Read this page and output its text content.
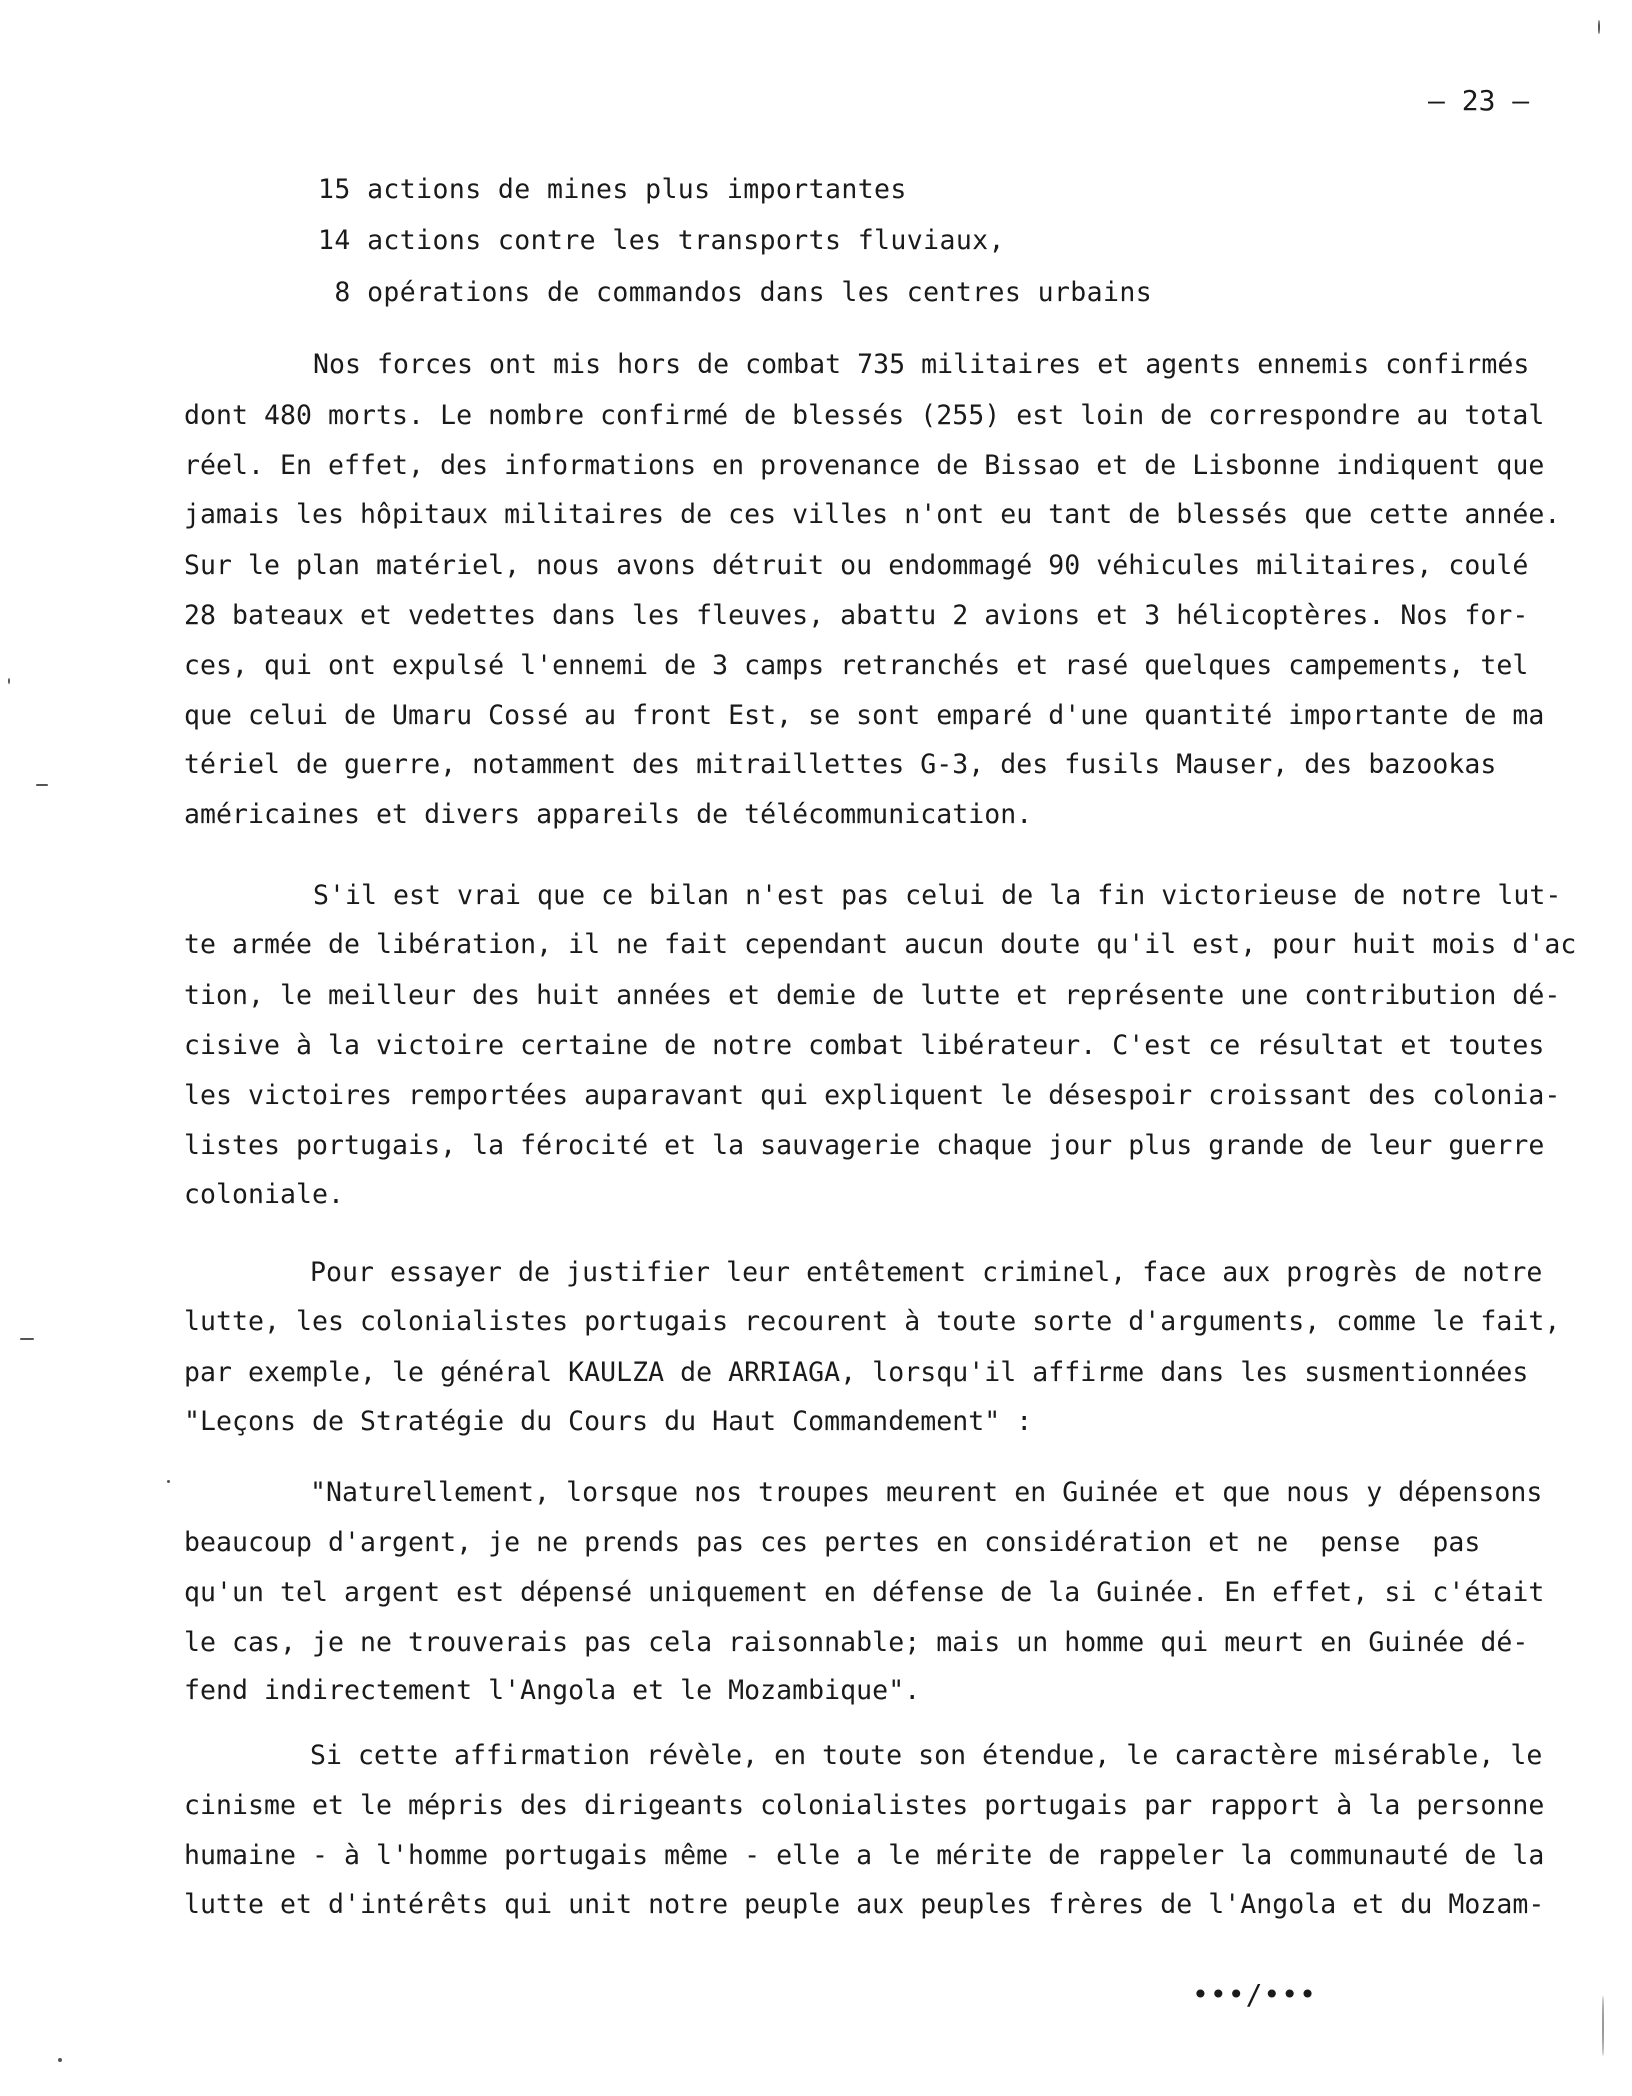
– 23 –
15 actions de mines plus importantes
14 actions contre les transports fluviaux,
8 opérations de commandos dans les centres urbains
Nos forces ont mis hors de combat 735 militaires et agents ennemis confirmés
dont 480 morts. Le nombre confirmé de blessés (255) est loin de correspondre au total
réel. En effet, des informations en provenance de Bissao et de Lisbonne indiquent que
jamais les hôpitaux militaires de ces villes n'ont eu tant de blessés que cette année.
Sur le plan matériel, nous avons détruit ou endommagé 90 véhicules militaires, coulé
28 bateaux et vedettes dans les fleuves, abattu 2 avions et 3 hélicoptères. Nos for-
ces, qui ont expulsé l'ennemi de 3 camps retranchés et rasé quelques campements, tel
que celui de Umaru Cossé au front Est, se sont emparé d'une quantité importante de ma
tériel de guerre, notamment des mitraillettes G-3, des fusils Mauser, des bazookas
américaines et divers appareils de télécommunication.
S'il est vrai que ce bilan n'est pas celui de la fin victorieuse de notre lut-
te armée de libération, il ne fait cependant aucun doute qu'il est, pour huit mois d'ac
tion, le meilleur des huit années et demie de lutte et représente une contribution dé-
cisive à la victoire certaine de notre combat libérateur. C'est ce résultat et toutes
les victoires remportées auparavant qui expliquent le désespoir croissant des colonia-
listes portugais, la férocité et la sauvagerie chaque jour plus grande de leur guerre
coloniale.
Pour essayer de justifier leur entêtement criminel, face aux progrès de notre
lutte, les colonialistes portugais recourent à toute sorte d'arguments, comme le fait,
par exemple, le général KAULZA de ARRIAGA, lorsqu'il affirme dans les susmentionnées
"Leçons de Stratégie du Cours du Haut Commandement" :
"Naturellement, lorsque nos troupes meurent en Guinée et que nous y dépensons
beaucoup d'argent, je ne prends pas ces pertes en considération et ne  pense  pas
qu'un tel argent est dépensé uniquement en défense de la Guinée. En effet, si c'était
le cas, je ne trouverais pas cela raisonnable; mais un homme qui meurt en Guinée dé-
fend indirectement l'Angola et le Mozambique".
Si cette affirmation révèle, en toute son étendue, le caractère misérable, le
cinisme et le mépris des dirigeants colonialistes portugais par rapport à la personne
humaine - à l'homme portugais même - elle a le mérite de rappeler la communauté de la
lutte et d'intérêts qui unit notre peuple aux peuples frères de l'Angola et du Mozam-
•••/•••
